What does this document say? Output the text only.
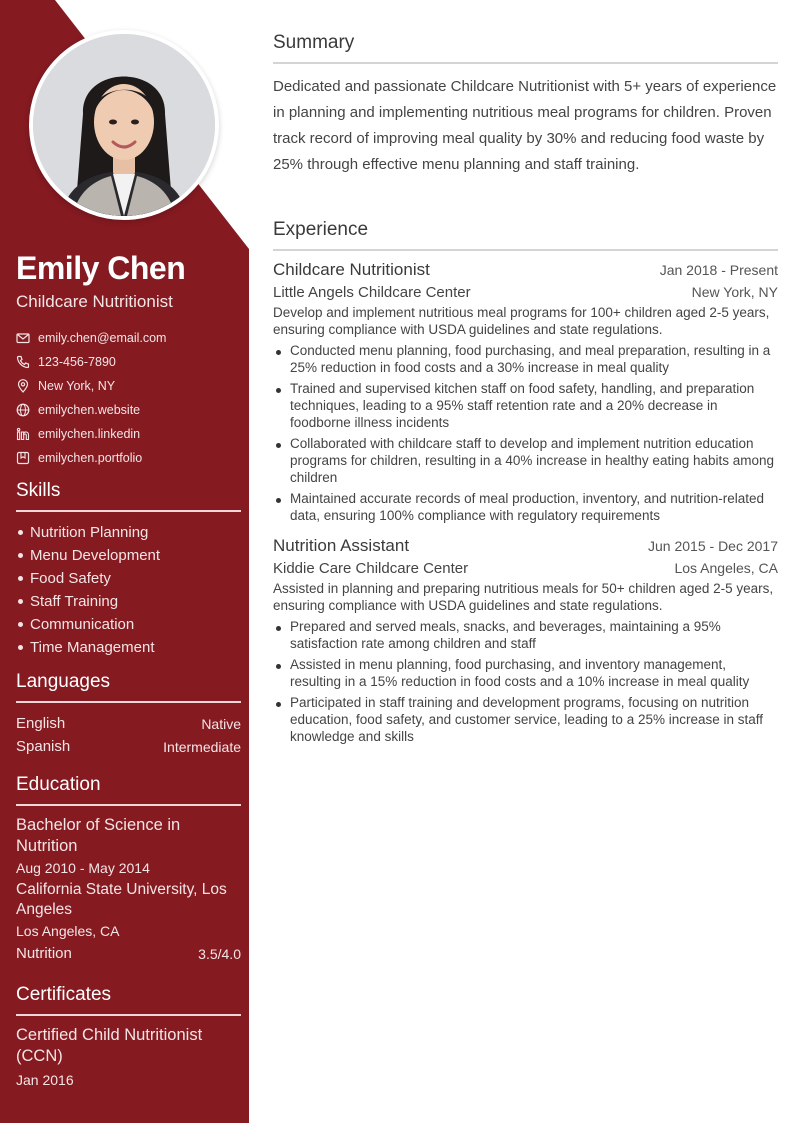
Emily Chen
Childcare Nutritionist
emily.chen@email.com
123-456-7890
New York, NY
emilychen.website
emilychen.linkedin
emilychen.portfolio
Skills
Nutrition Planning
Menu Development
Food Safety
Staff Training
Communication
Time Management
Languages
English	Native
Spanish	Intermediate
Education
Bachelor of Science in Nutrition
Aug 2010 - May 2014
California State University, Los Angeles
Los Angeles, CA
Nutrition	3.5/4.0
Certificates
Certified Child Nutritionist (CCN)
Jan 2016
Summary
Dedicated and passionate Childcare Nutritionist with 5+ years of experience in planning and implementing nutritious meal programs for children. Proven track record of improving meal quality by 30% and reducing food waste by 25% through effective menu planning and staff training.
Experience
Childcare Nutritionist	Jan 2018 - Present
Little Angels Childcare Center	New York, NY
Develop and implement nutritious meal programs for 100+ children aged 2-5 years, ensuring compliance with USDA guidelines and state regulations.
Conducted menu planning, food purchasing, and meal preparation, resulting in a 25% reduction in food costs and a 30% increase in meal quality
Trained and supervised kitchen staff on food safety, handling, and preparation techniques, leading to a 95% staff retention rate and a 20% decrease in foodborne illness incidents
Collaborated with childcare staff to develop and implement nutrition education programs for children, resulting in a 40% increase in healthy eating habits among children
Maintained accurate records of meal production, inventory, and nutrition-related data, ensuring 100% compliance with regulatory requirements
Nutrition Assistant	Jun 2015 - Dec 2017
Kiddie Care Childcare Center	Los Angeles, CA
Assisted in planning and preparing nutritious meals for 50+ children aged 2-5 years, ensuring compliance with USDA guidelines and state regulations.
Prepared and served meals, snacks, and beverages, maintaining a 95% satisfaction rate among children and staff
Assisted in menu planning, food purchasing, and inventory management, resulting in a 15% reduction in food costs and a 10% increase in meal quality
Participated in staff training and development programs, focusing on nutrition education, food safety, and customer service, leading to a 25% increase in staff knowledge and skills
